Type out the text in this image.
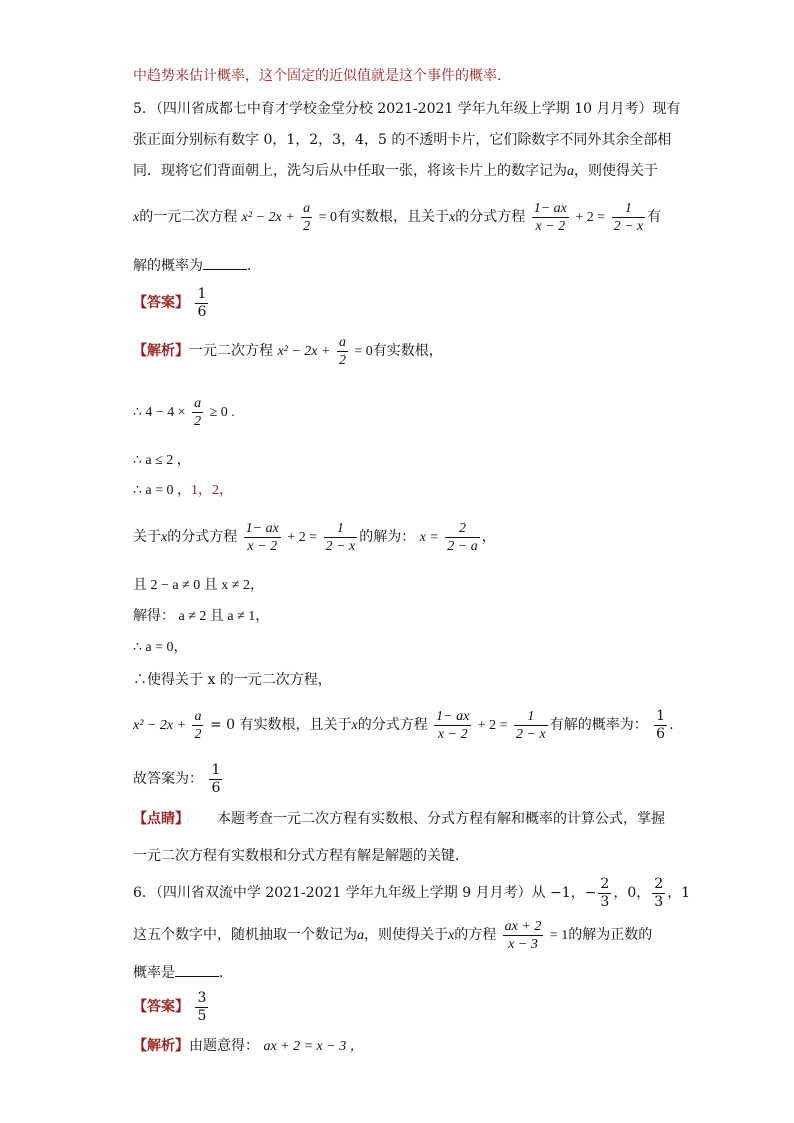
中趋势来估计概率，这个固定的近似值就是这个事件的概率．
5．（四川省成都七中育才学校金堂分校 2021-2021 学年九年级上学期 10 月月考）现有
张正面分别标有数字 0，1，2，3，4，5 的不透明卡片，它们除数字不同外其余全部相
同．现将它们背面朝上，洗匀后从中任取一张，将该卡片上的数字记为a，则使得关于
x的一元二次方程 $x^2 - 2x + \frac{a}{2} = 0$有实数根，且关于x的分式方程 $\frac{1- ax}{x - 2} + 2 = \frac{1}{2 - x}$ 有
解的概率为	．
【答案】 $\frac{1}{6}$
【解析】一元二次方程 $x^2 - 2x + \frac{a}{2} = 0$有实数根，
∴ $4 - 4 \times \frac{a}{2} \ge 0$ .
∴ a ≤ 2 ，
∴ a = 0 ，1，2，
关于x的分式方程 $\frac{1- ax}{x - 2} + 2 = \frac{1}{2 - x}$ 的解为： $x = \frac{2}{2 - a}$ ，
且 2 − a ≠ 0 且 x ≠ 2，
解得： a ≠ 2 且 a ≠ 1，
∴ a = 0，
∴使得关于 x 的一元二次方程，
$x^2 - 2x + \frac{a}{2} = 0$ 有实数根，且关于x的分式方程 $\frac{1- ax}{x - 2} + 2 = \frac{1}{2 - x}$ 有解的概率为： $\frac{1}{6}$ .
故答案为： $\frac{1}{6}$
【点睛】 本题考查一元二次方程有实数根、分式方程有解和概率的计算公式，掌握
一元二次方程有实数根和分式方程有解是解题的关键．
6．（四川省双流中学 2021-2021 学年九年级上学期 9 月月考）从 −1，− $\frac{2}{3}$ ，0， $\frac{2}{3}$ ，1
这五个数字中，随机抽取一个数记为a，则使得关于x的方程 $\frac{ax + 2}{x - 3} = 1$的解为正数的
概率是	．
【答案】 $\frac{3}{5}$
【解析】由题意得： ax + 2 = x − 3 ，
